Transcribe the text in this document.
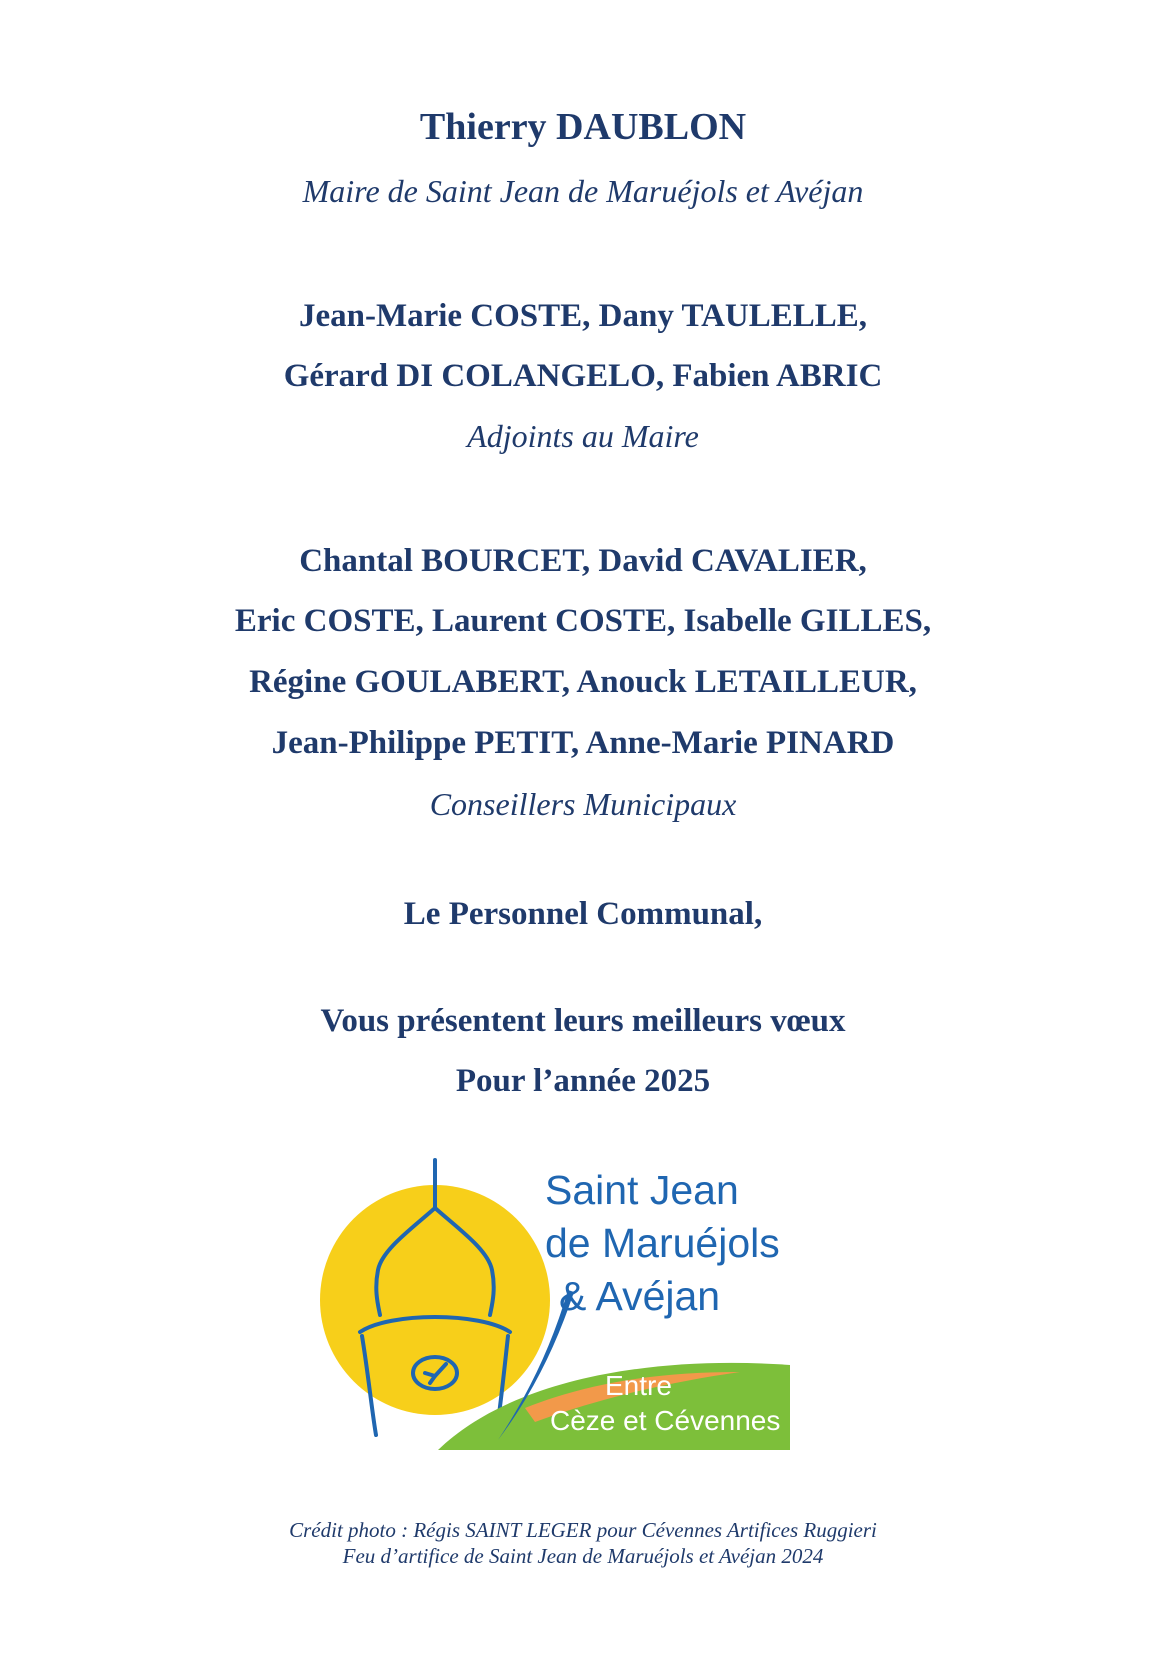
Thierry DAUBLON
Maire de Saint Jean de Maruéjols et Avéjan
Jean-Marie COSTE, Dany TAULELLE,
Gérard DI COLANGELO, Fabien ABRIC
Adjoints au Maire
Chantal BOURCET, David CAVALIER,
Eric COSTE, Laurent COSTE, Isabelle GILLES,
Régine GOULABERT, Anouck LETAILLEUR,
Jean-Philippe PETIT, Anne-Marie PINARD
Conseillers Municipaux
Le Personnel Communal,
Vous présentent leurs meilleurs vœux
Pour l’année 2025
Saint Jean
de Maruéjols
& Avéjan
Entre
Cèze et Cévennes
Crédit photo : Régis SAINT LEGER pour Cévennes Artifices Ruggieri
Feu d’artifice de Saint Jean de Maruéjols et Avéjan 2024
